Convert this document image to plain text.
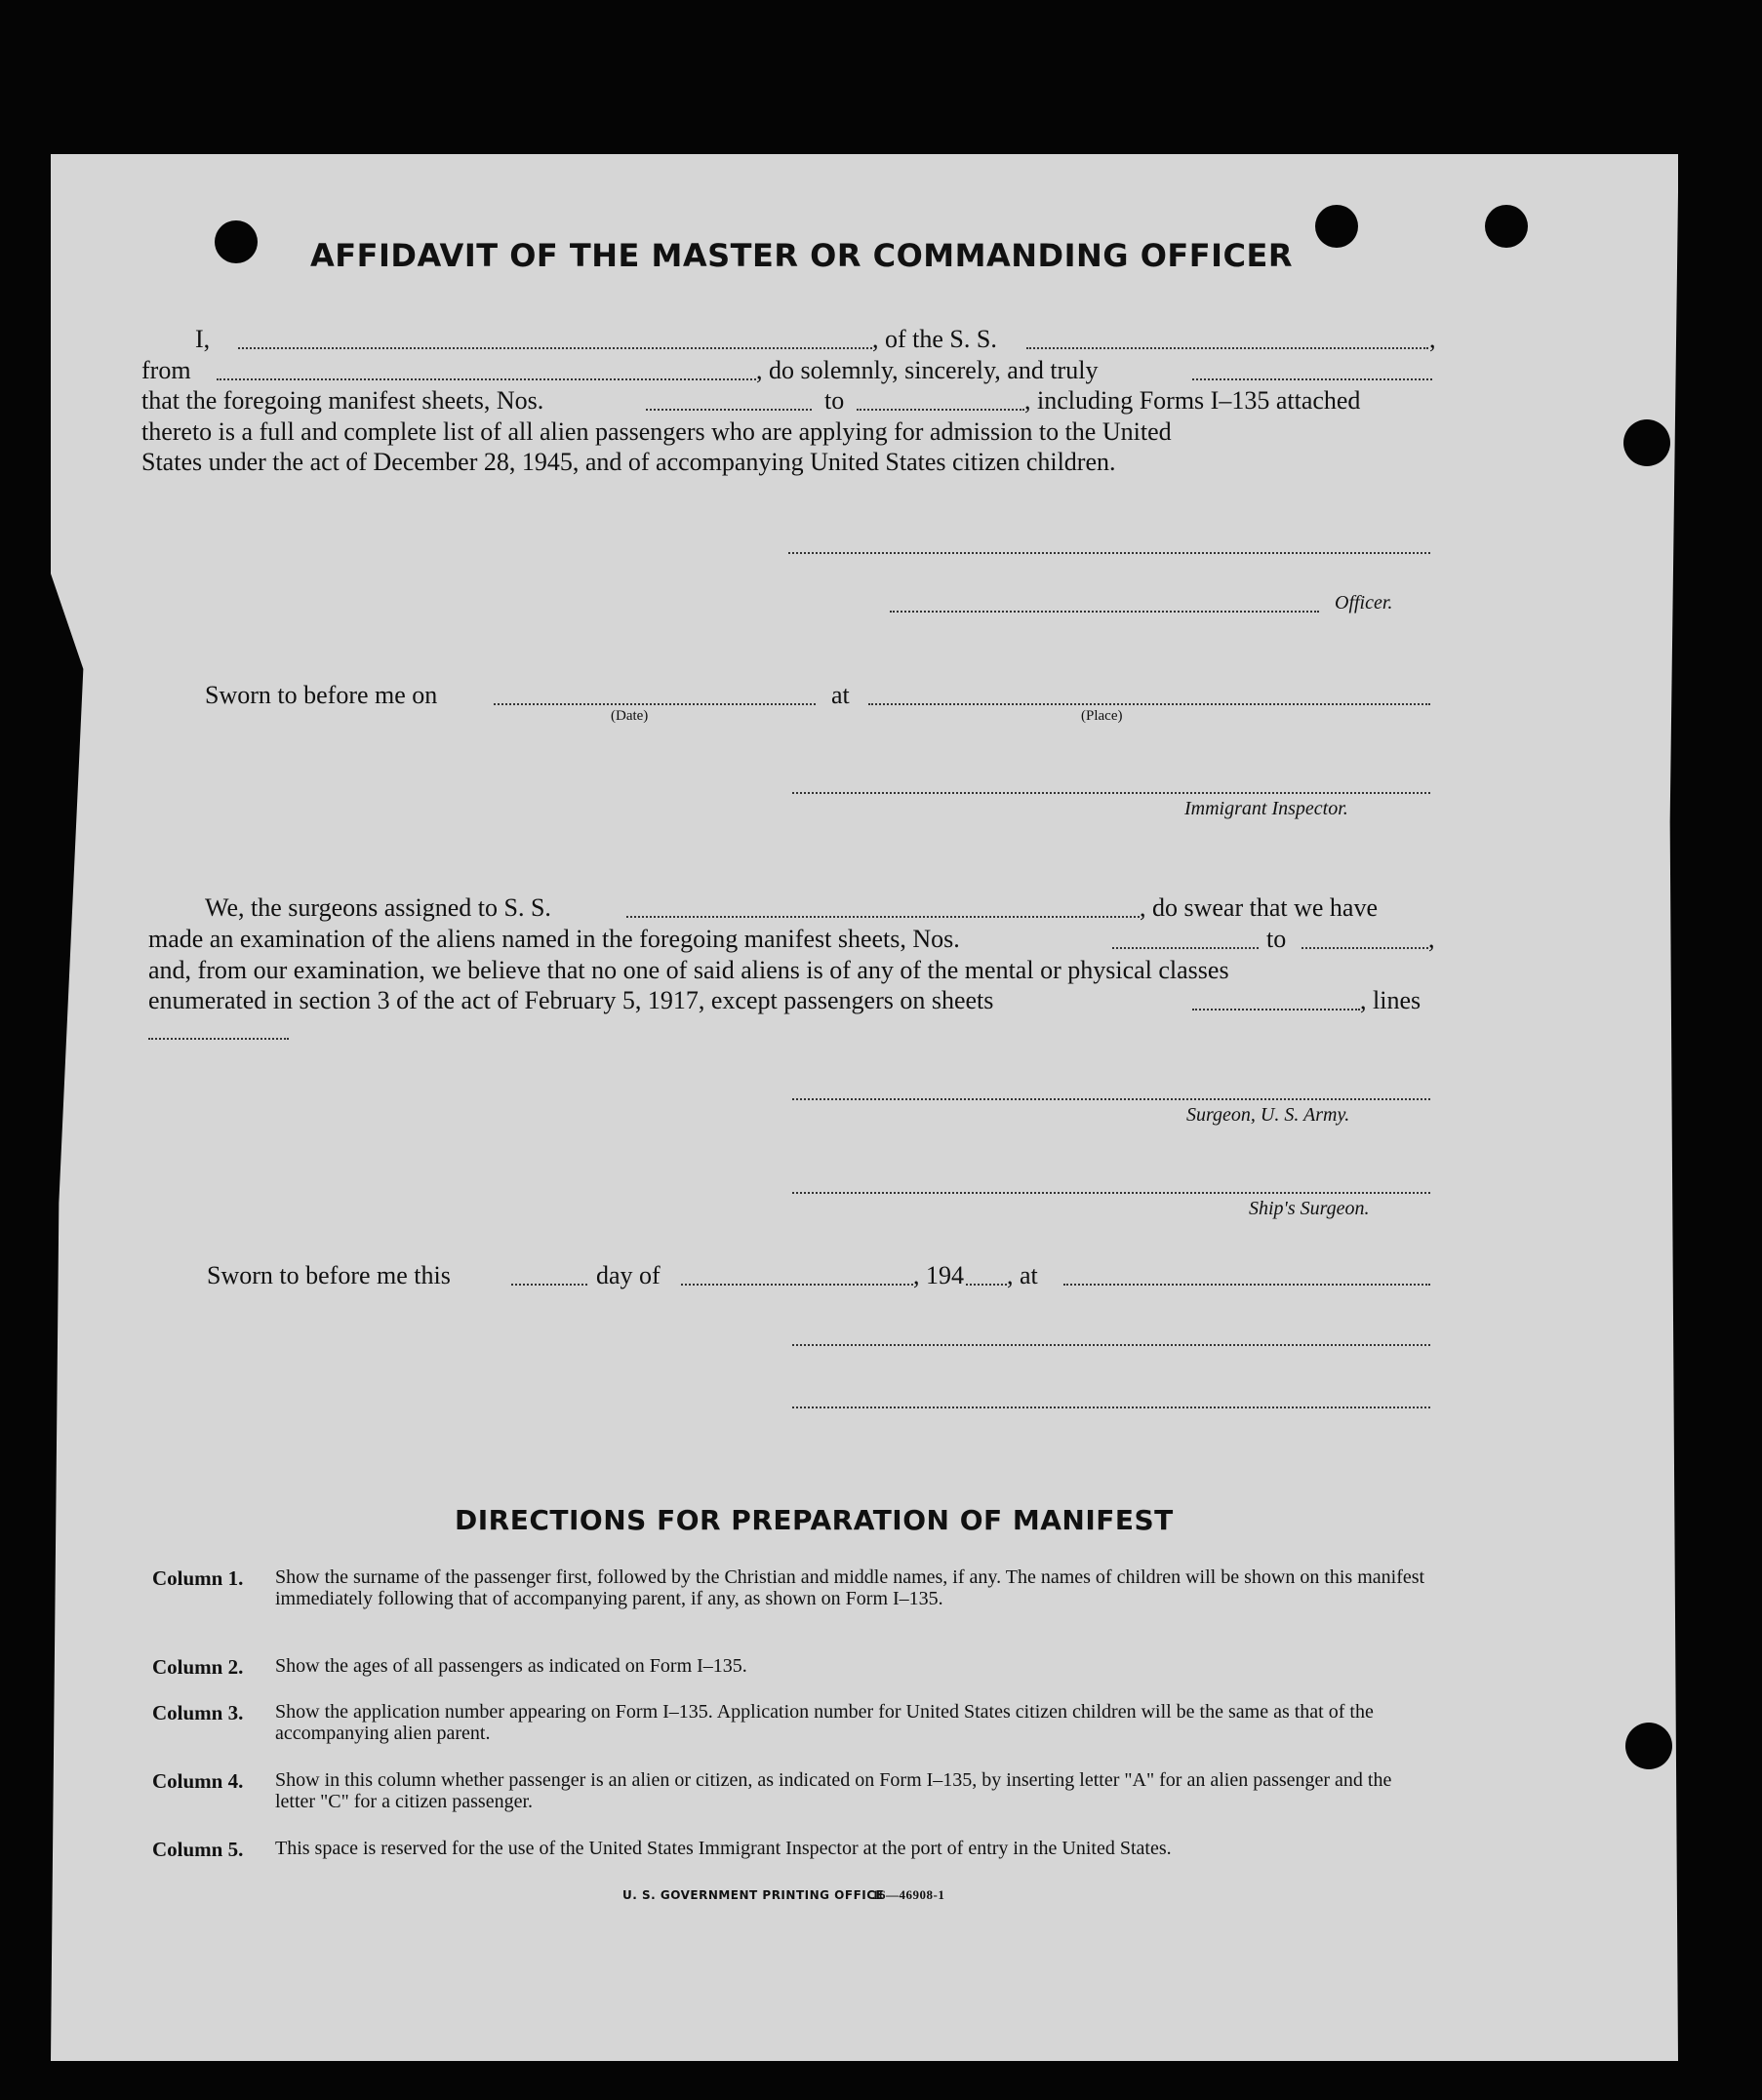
AFFIDAVIT OF THE MASTER OR COMMANDING OFFICER
I,	, of the S. S.	,
from	, do solemnly, sincerely, and truly
that the foregoing manifest sheets, Nos.	to	, including Forms I–135 attached
thereto is a full and complete list of all alien passengers who are applying for admission to the United
States under the act of December 28, 1945, and of accompanying United States citizen children.
Officer.
Sworn to before me on	at
(Date)	(Place)
Immigrant Inspector.
We, the surgeons assigned to S. S.	, do swear that we have
made an examination of the aliens named in the foregoing manifest sheets, Nos.	to	,
and, from our examination, we believe that no one of said aliens is of any of the mental or physical classes
enumerated in section 3 of the act of February 5, 1917, except passengers on sheets	, lines
Surgeon, U. S. Army.
Ship's Surgeon.
Sworn to before me this	day of	, 194 , at
DIRECTIONS FOR PREPARATION OF MANIFEST
Column 1. Show the surname of the passenger first, followed by the Christian and middle names, if any. The names of children will be shown on this manifest immediately following that of accompanying parent, if any, as shown on Form I–135.
Column 2. Show the ages of all passengers as indicated on Form I–135.
Column 3. Show the application number appearing on Form I–135. Application number for United States citizen children will be the same as that of the accompanying alien parent.
Column 4. Show in this column whether passenger is an alien or citizen, as indicated on Form I–135, by inserting letter "A" for an alien passenger and the letter "C" for a citizen passenger.
Column 5. This space is reserved for the use of the United States Immigrant Inspector at the port of entry in the United States.
U. S. GOVERNMENT PRINTING OFFICE
16—46908-1
